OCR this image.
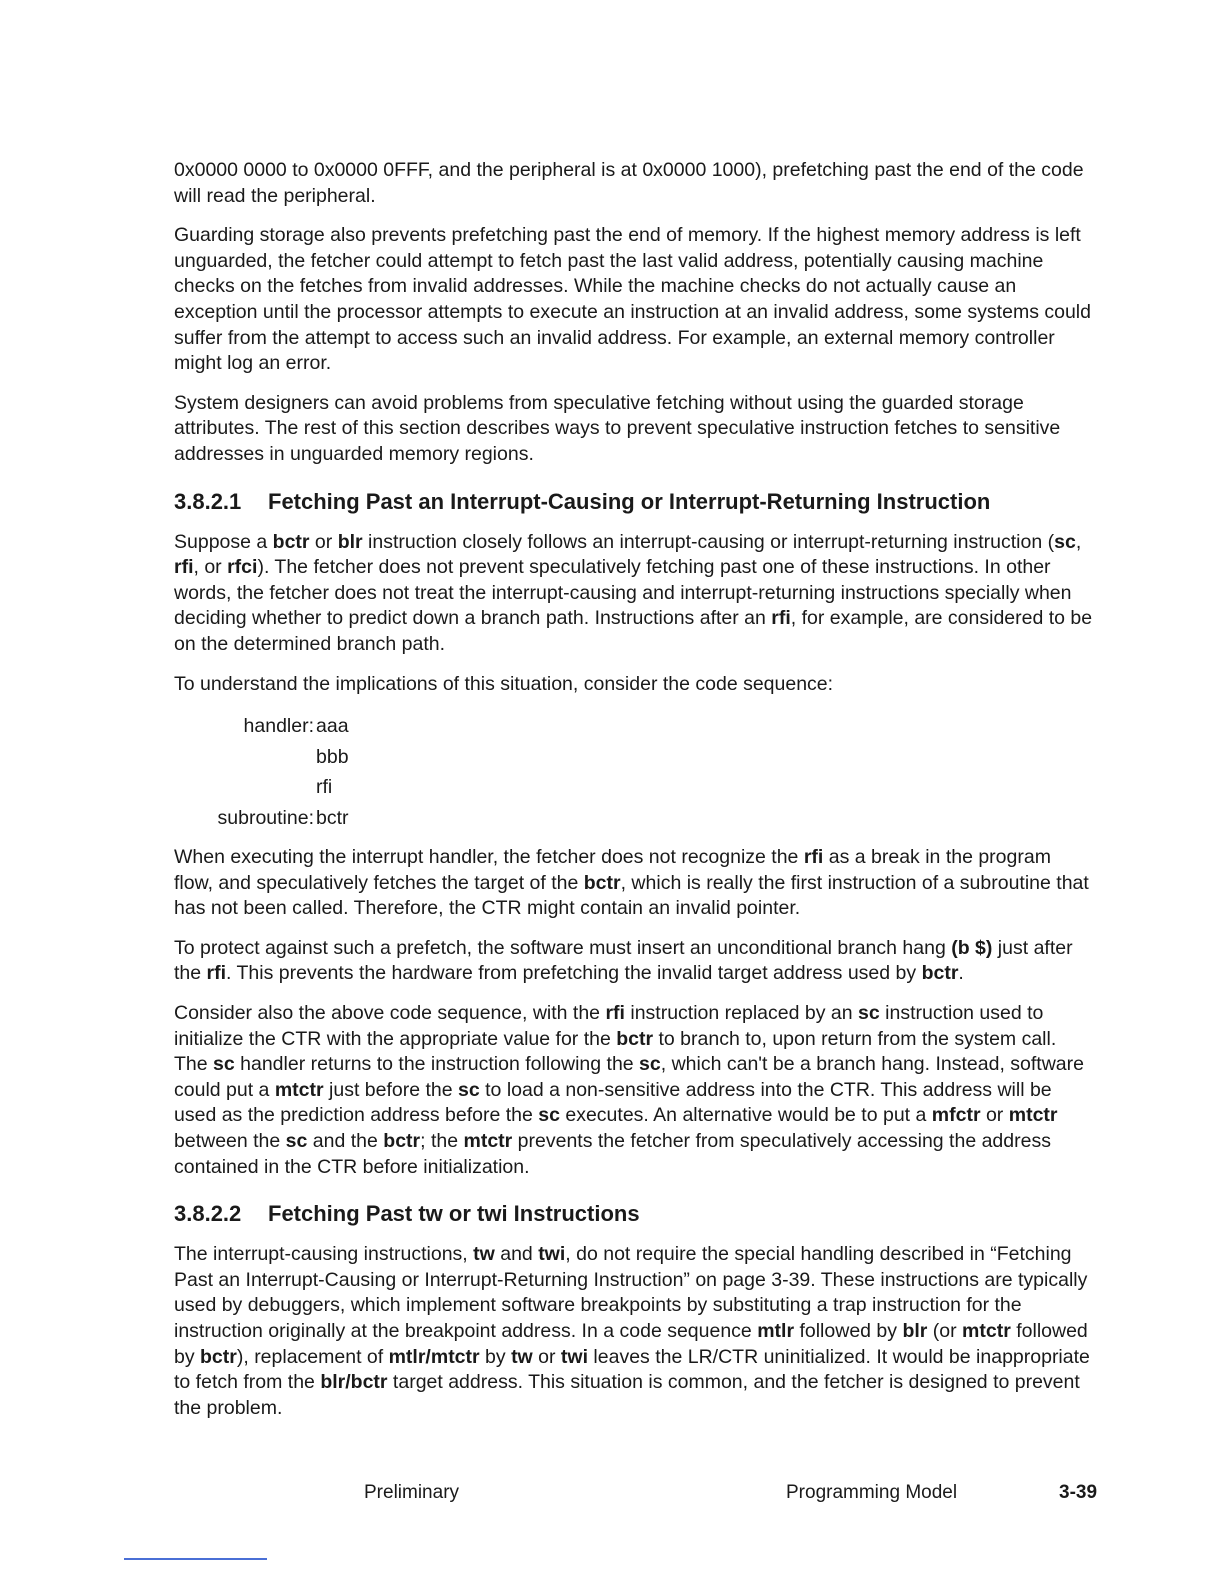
0x0000 0000 to 0x0000 0FFF, and the peripheral is at 0x0000 1000), prefetching past the end of the code will read the peripheral.

Guarding storage also prevents prefetching past the end of memory. If the highest memory address is left unguarded, the fetcher could attempt to fetch past the last valid address, potentially causing machine checks on the fetches from invalid addresses. While the machine checks do not actually cause an exception until the processor attempts to execute an instruction at an invalid address, some systems could suffer from the attempt to access such an invalid address. For example, an external memory controller might log an error.

System designers can avoid problems from speculative fetching without using the guarded storage attributes. The rest of this section describes ways to prevent speculative instruction fetches to sensitive addresses in unguarded memory regions.

3.8.2.1 Fetching Past an Interrupt-Causing or Interrupt-Returning Instruction

Suppose a bctr or blr instruction closely follows an interrupt-causing or interrupt-returning instruction (sc, rfi, or rfci). The fetcher does not prevent speculatively fetching past one of these instructions. In other words, the fetcher does not treat the interrupt-causing and interrupt-returning instructions specially when deciding whether to predict down a branch path. Instructions after an rfi, for example, are considered to be on the determined branch path.

To understand the implications of this situation, consider the code sequence:

handler: aaa
bbb
rfi
subroutine: bctr

When executing the interrupt handler, the fetcher does not recognize the rfi as a break in the program flow, and speculatively fetches the target of the bctr, which is really the first instruction of a subroutine that has not been called. Therefore, the CTR might contain an invalid pointer.

To protect against such a prefetch, the software must insert an unconditional branch hang (b $) just after the rfi. This prevents the hardware from prefetching the invalid target address used by bctr.

Consider also the above code sequence, with the rfi instruction replaced by an sc instruction used to initialize the CTR with the appropriate value for the bctr to branch to, upon return from the system call. The sc handler returns to the instruction following the sc, which can't be a branch hang. Instead, software could put a mtctr just before the sc to load a non-sensitive address into the CTR. This address will be used as the prediction address before the sc executes. An alternative would be to put a mfctr or mtctr between the sc and the bctr; the mtctr prevents the fetcher from speculatively accessing the address contained in the CTR before initialization.

3.8.2.2 Fetching Past tw or twi Instructions

The interrupt-causing instructions, tw and twi, do not require the special handling described in “Fetching Past an Interrupt-Causing or Interrupt-Returning Instruction” on page 3-39. These instructions are typically used by debuggers, which implement software breakpoints by substituting a trap instruction for the instruction originally at the breakpoint address. In a code sequence mtlr followed by blr (or mtctr followed by bctr), replacement of mtlr/mtctr by tw or twi leaves the LR/CTR uninitialized. It would be inappropriate to fetch from the blr/bctr target address. This situation is common, and the fetcher is designed to prevent the problem.

Preliminary	Programming Model	3-39
